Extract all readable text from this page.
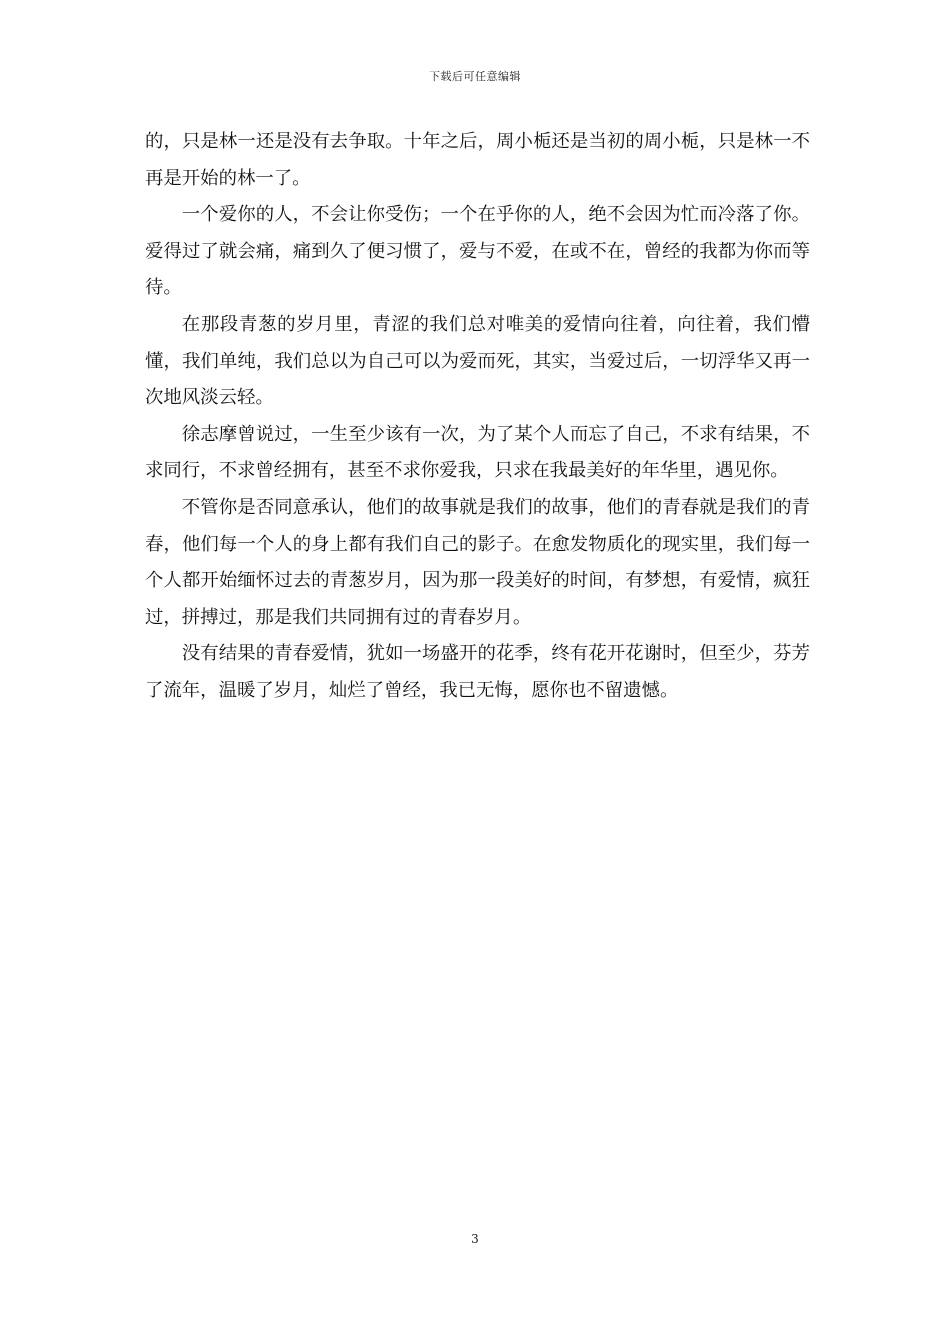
下载后可任意编辑

的，只是林一还是没有去争取。十年之后，周小栀还是当初的周小栀，只是林一不再是开始的林一了。

一个爱你的人，不会让你受伤；一个在乎你的人，绝不会因为忙而冷落了你。爱得过了就会痛，痛到久了便习惯了，爱与不爱，在或不在，曾经的我都为你而等待。

在那段青葱的岁月里，青涩的我们总对唯美的爱情向往着，向往着，我们懵懂，我们单纯，我们总以为自己可以为爱而死，其实，当爱过后，一切浮华又再一次地风淡云轻。

徐志摩曾说过，一生至少该有一次，为了某个人而忘了自己，不求有结果，不求同行，不求曾经拥有，甚至不求你爱我，只求在我最美好的年华里，遇见你。

不管你是否同意承认，他们的故事就是我们的故事，他们的青春就是我们的青春，他们每一个人的身上都有我们自己的影子。在愈发物质化的现实里，我们每一个人都开始缅怀过去的青葱岁月，因为那一段美好的时间，有梦想，有爱情，疯狂过，拼搏过，那是我们共同拥有过的青春岁月。

没有结果的青春爱情，犹如一场盛开的花季，终有花开花谢时，但至少，芬芳了流年，温暖了岁月，灿烂了曾经，我已无悔，愿你也不留遗憾。

3
